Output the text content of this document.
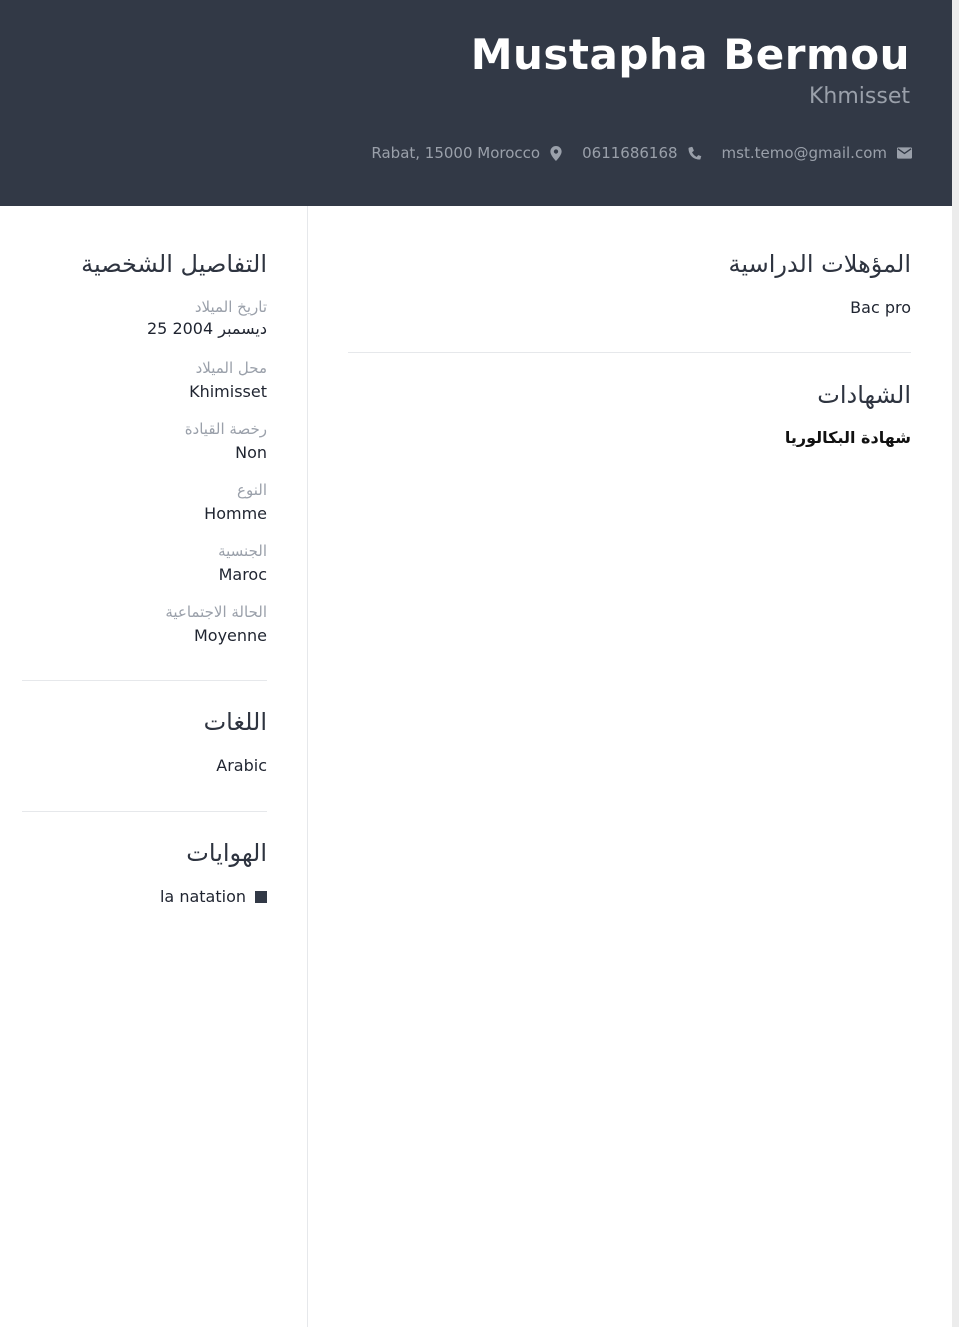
Mustapha Bermou
Khmisset
Rabat, 15000 Morocco	0611686168	mst.temo@gmail.com
التفاصيل الشخصية
تاريخ الميلاد
25 ديسمبر 2004
محل الميلاد
Khimisset
رخصة القيادة
Non
النوع
Homme
الجنسية
Maroc
الحالة الاجتماعية
Moyenne
اللغات
Arabic
الهوايات
la natation
المؤهلات الدراسية
Bac pro
الشهادات
شهادة البكالوريا
